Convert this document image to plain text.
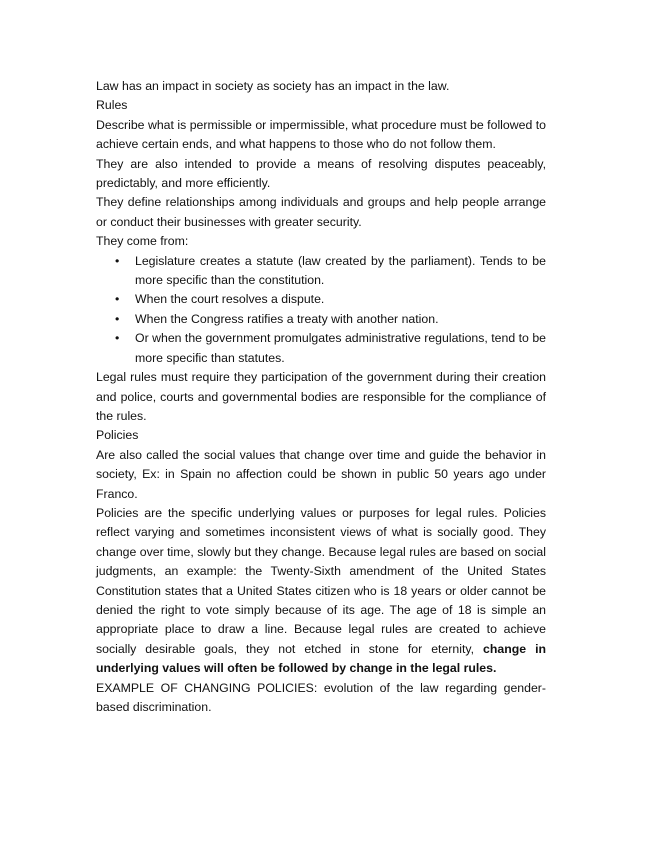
Law has an impact in society as society has an impact in the law.

Rules

Describe what is permissible or impermissible, what procedure must be followed to achieve certain ends, and what happens to those who do not follow them.

They are also intended to provide a means of resolving disputes peaceably, predictably, and more efficiently.

They define relationships among individuals and groups and help people arrange or conduct their businesses with greater security.

They come from:

• Legislature creates a statute (law created by the parliament). Tends to be more specific than the constitution.
• When the court resolves a dispute.
• When the Congress ratifies a treaty with another nation.
• Or when the government promulgates administrative regulations, tend to be more specific than statutes.

Legal rules must require they participation of the government during their creation and police, courts and governmental bodies are responsible for the compliance of the rules.

Policies

Are also called the social values that change over time and guide the behavior in society, Ex: in Spain no affection could be shown in public 50 years ago under Franco.

Policies are the specific underlying values or purposes for legal rules. Policies reflect varying and sometimes inconsistent views of what is socially good. They change over time, slowly but they change. Because legal rules are based on social judgments, an example: the Twenty-Sixth amendment of the United States Constitution states that a United States citizen who is 18 years or older cannot be denied the right to vote simply because of its age. The age of 18 is simple an appropriate place to draw a line. Because legal rules are created to achieve socially desirable goals, they not etched in stone for eternity, change in underlying values will often be followed by change in the legal rules.

EXAMPLE OF CHANGING POLICIES: evolution of the law regarding gender-based discrimination.
